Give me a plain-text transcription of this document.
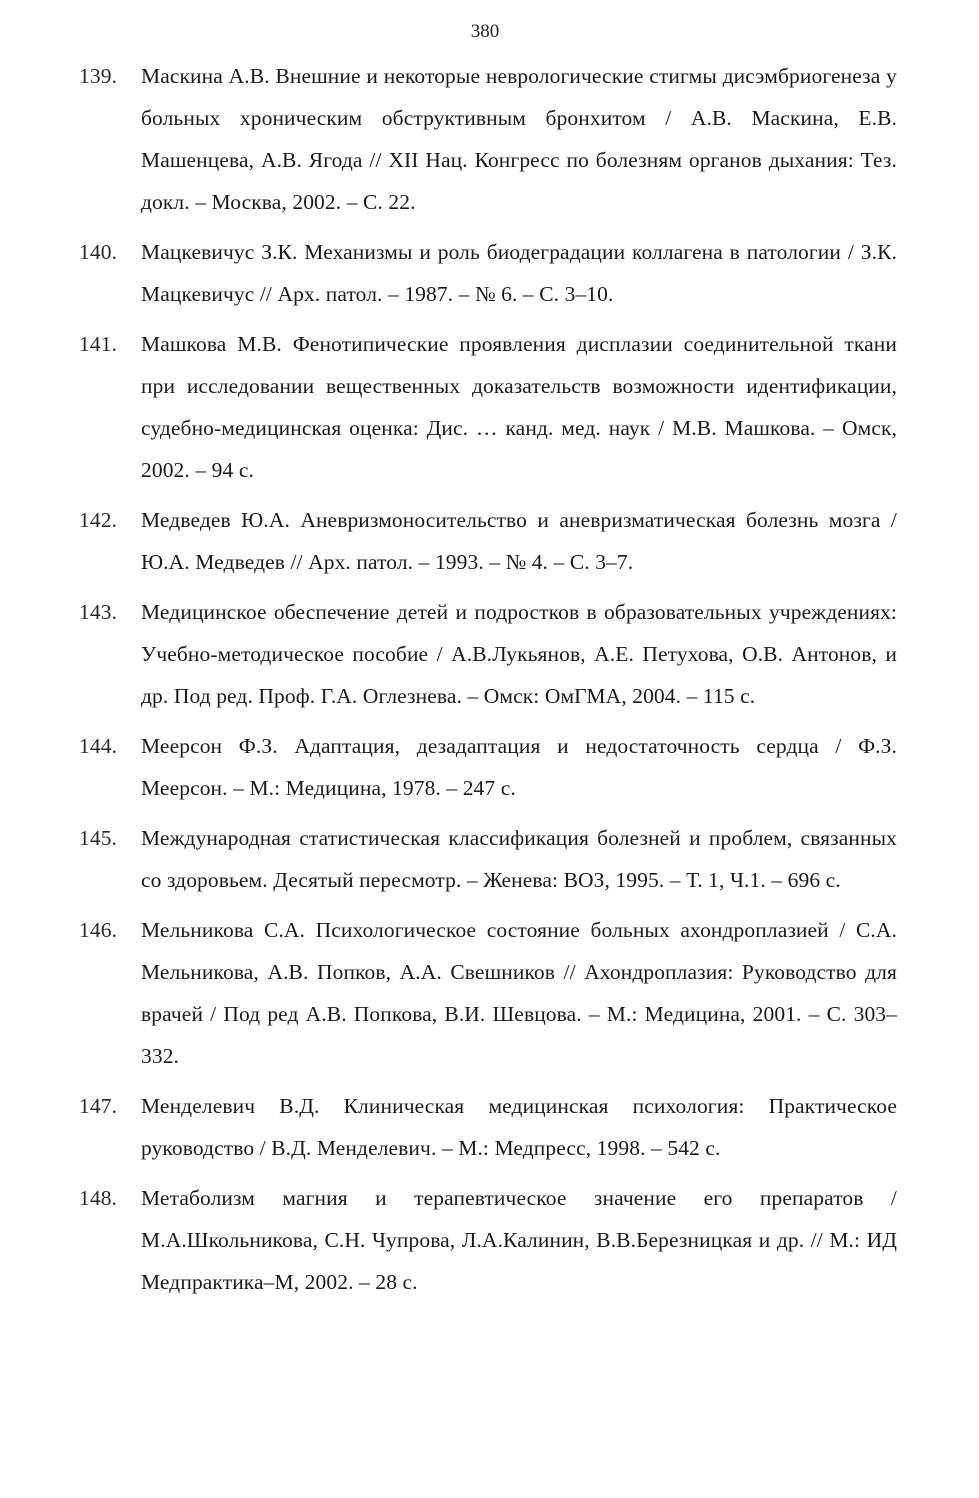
380
139.	Маскина А.В. Внешние и некоторые неврологические стигмы дисэмбриогенеза у больных хроническим обструктивным бронхитом / А.В. Маскина, Е.В. Машенцева, А.В. Ягода // XII Нац. Конгресс по болезням органов дыхания: Тез. докл. – Москва, 2002. – С. 22.
140.	Мацкевичус З.К. Механизмы и роль биодеградации коллагена в патологии / З.К. Мацкевичус // Арх. патол. – 1987. – № 6. – С. 3–10.
141.	Машкова М.В. Фенотипические проявления дисплазии соединительной ткани при исследовании вещественных доказательств возможности идентификации, судебно-медицинская оценка: Дис. … канд. мед. наук / М.В. Машкова. – Омск, 2002. – 94 с.
142.	Медведев Ю.А. Аневризмоносительство и аневризматическая болезнь мозга / Ю.А. Медведев // Арх. патол. – 1993. – № 4. – С. 3–7.
143.	Медицинское обеспечение детей и подростков в образовательных учреждениях: Учебно-методическое пособие / А.В.Лукьянов, А.Е. Петухова, О.В. Антонов, и др. Под ред. Проф. Г.А. Оглезнева. – Омск: ОмГМА, 2004. – 115 с.
144.	Меерсон Ф.З. Адаптация, дезадаптация и недостаточность сердца / Ф.З. Меерсон. – М.: Медицина, 1978. – 247 с.
145.	Международная статистическая классификация болезней и проблем, связанных со здоровьем. Десятый пересмотр. – Женева: ВОЗ, 1995. – Т. 1, Ч.1. – 696 с.
146.	Мельникова С.А. Психологическое состояние больных ахондроплазией / С.А. Мельникова, А.В. Попков, А.А. Свешников // Ахондроплазия: Руководство для врачей / Под ред А.В. Попкова, В.И. Шевцова. – М.: Медицина, 2001. – С. 303–332.
147.	Менделевич В.Д. Клиническая медицинская психология: Практическое руководство / В.Д. Менделевич. – М.: Медпресс, 1998. – 542 с.
148.	Метаболизм магния и терапевтическое значение его препаратов / М.А.Школьникова, С.Н. Чупрова, Л.А.Калинин, В.В.Березницкая и др. // М.: ИД Медпрактика–М, 2002. – 28 с.
